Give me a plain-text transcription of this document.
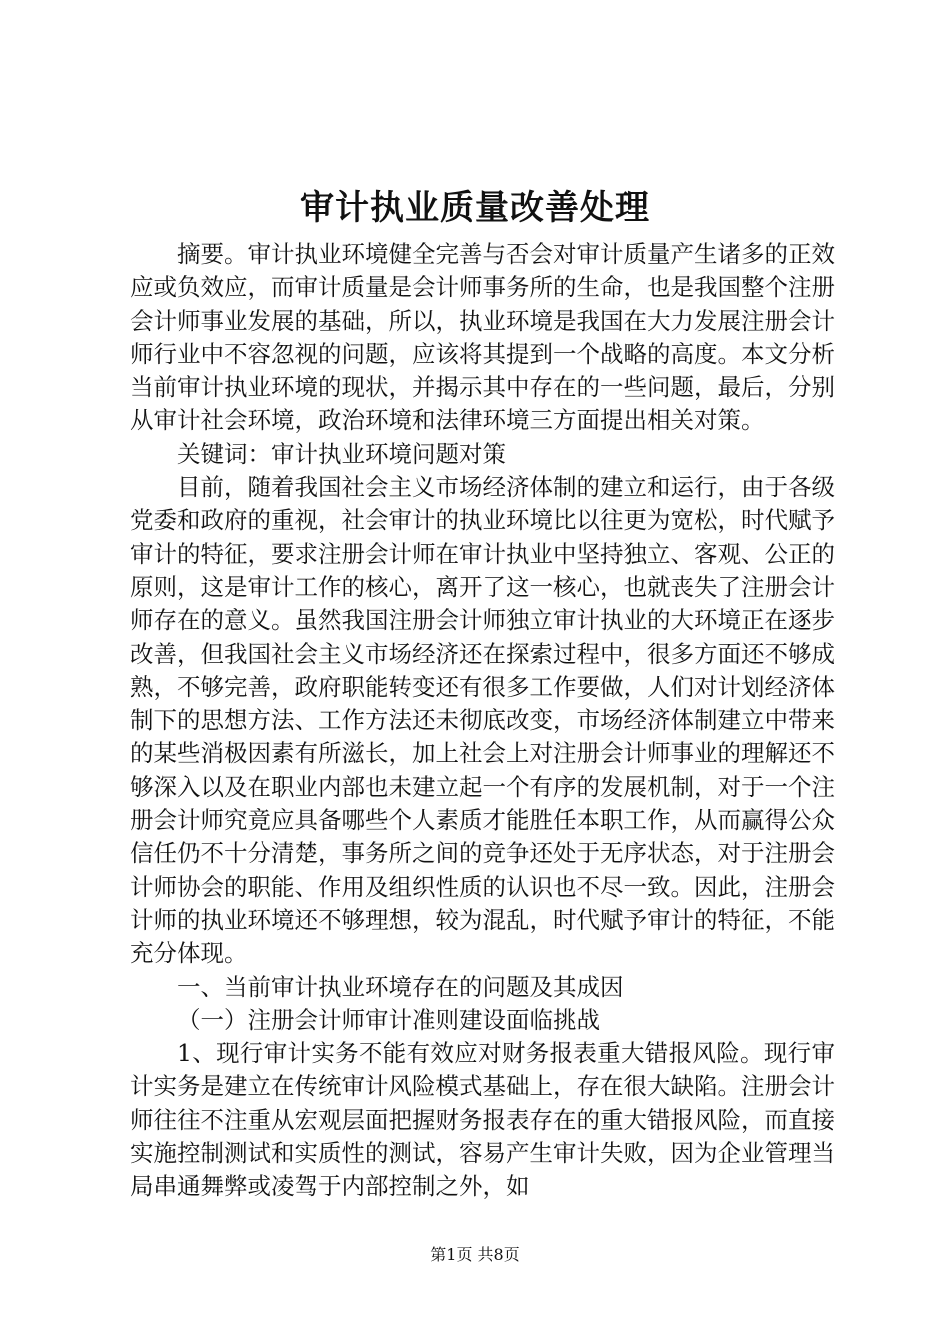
审计执业质量改善处理

摘要。审计执业环境健全完善与否会对审计质量产生诸多的正效应或负效应，而审计质量是会计师事务所的生命，也是我国整个注册会计师事业发展的基础，所以，执业环境是我国在大力发展注册会计师行业中不容忽视的问题，应该将其提到一个战略的高度。本文分析当前审计执业环境的现状，并揭示其中存在的一些问题，最后，分别从审计社会环境，政治环境和法律环境三方面提出相关对策。

关键词：审计执业环境问题对策

目前，随着我国社会主义市场经济体制的建立和运行，由于各级党委和政府的重视，社会审计的执业环境比以往更为宽松，时代赋予审计的特征，要求注册会计师在审计执业中坚持独立、客观、公正的原则，这是审计工作的核心，离开了这一核心，也就丧失了注册会计师存在的意义。虽然我国注册会计师独立审计执业的大环境正在逐步改善，但我国社会主义市场经济还在探索过程中，很多方面还不够成熟，不够完善，政府职能转变还有很多工作要做，人们对计划经济体制下的思想方法、工作方法还未彻底改变，市场经济体制建立中带来的某些消极因素有所滋长，加上社会上对注册会计师事业的理解还不够深入以及在职业内部也未建立起一个有序的发展机制，对于一个注册会计师究竟应具备哪些个人素质才能胜任本职工作，从而赢得公众信任仍不十分清楚，事务所之间的竞争还处于无序状态，对于注册会计师协会的职能、作用及组织性质的认识也不尽一致。因此，注册会计师的执业环境还不够理想，较为混乱，时代赋予审计的特征，不能充分体现。

一、当前审计执业环境存在的问题及其成因

（一）注册会计师审计准则建设面临挑战

1、现行审计实务不能有效应对财务报表重大错报风险。现行审计实务是建立在传统审计风险模式基础上，存在很大缺陷。注册会计师往往不注重从宏观层面把握财务报表存在的重大错报风险，而直接实施控制测试和实质性的测试，容易产生审计失败，因为企业管理当局串通舞弊或凌驾于内部控制之外，如

第1页 共8页
